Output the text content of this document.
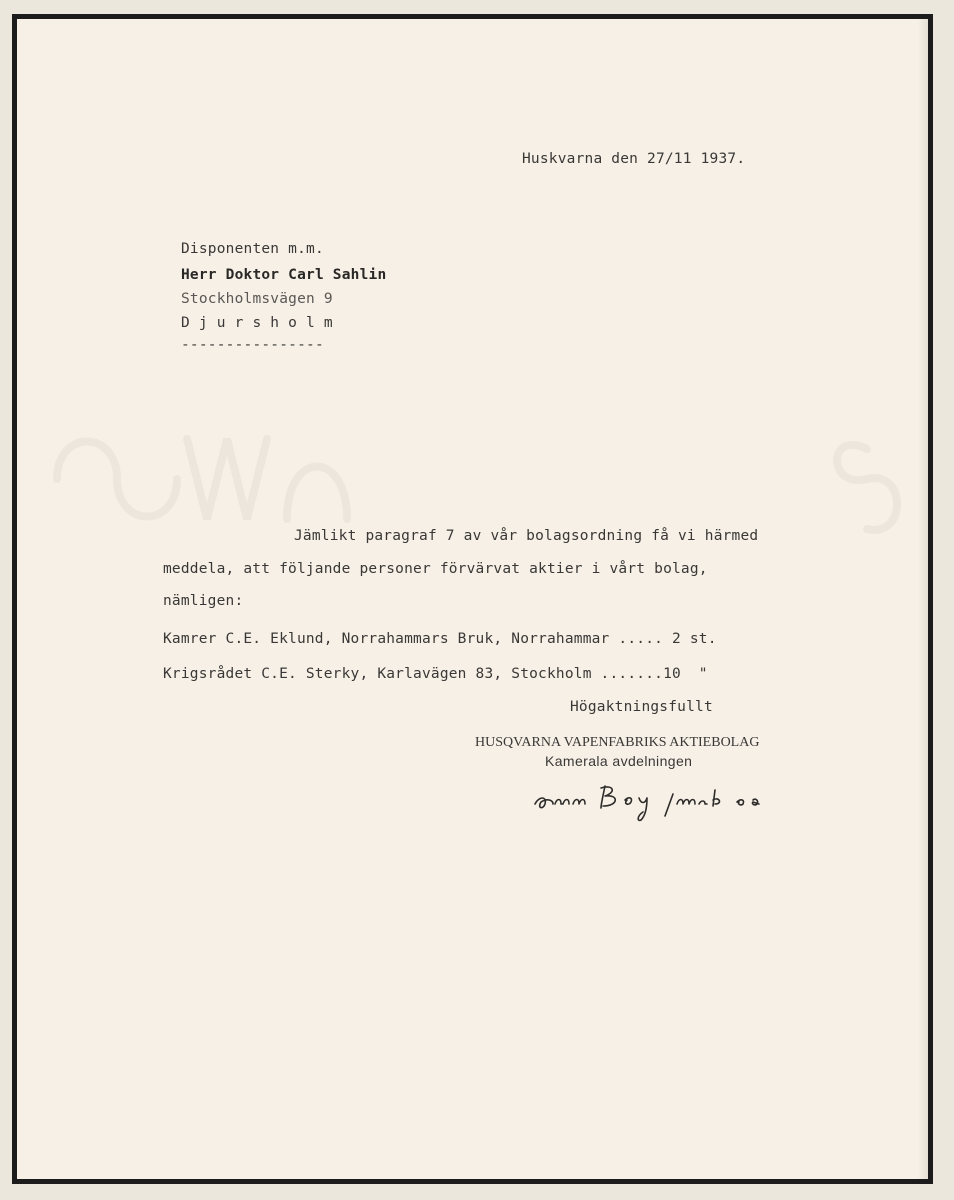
Huskvarna den 27/11 1937.
Disponenten m.m.
Herr Doktor Carl Sahlin
Stockholmsvägen 9
D j u r s h o l m
----------------
Jämlikt paragraf 7 av vår bolagsordning få vi härmed
meddela, att följande personer förvärvat aktier i vårt bolag,
nämligen:
Kamrer C.E. Eklund, Norrahammars Bruk, Norrahammar ..... 2 st.
Krigsrådet C.E. Sterky, Karlavägen 83, Stockholm .......10  "
Högaktningsfullt
HUSQVARNA VAPENFABRIKS AKTIEBOLAG
Kamerala avdelningen
